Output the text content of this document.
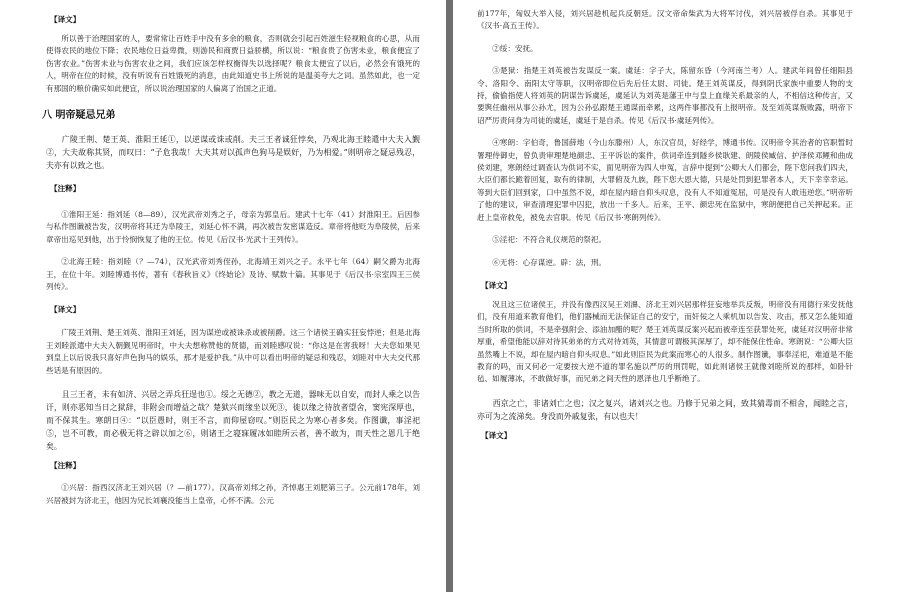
【译文】

所以善于治理国家的人，要常常让百姓手中没有多余的粮食，否则就会引起百姓滋生轻视粮食的心思，从而使得农民的地位下降；农民地位日益卑微，则游民和商贾日益骄横，所以说：“粮食贵了伤害未业，粮食便宜了伤害农业。”伤害未业与伤害农业之间，我们应该怎样权衡得失以选择呢？粮食太便宜了以后，必然会有饿死的人，明帝在位的时候，没有听说有百姓饿死的消息，由此知道史书上所说的是温美夸大之词。虽然如此，也一定有那国的粮价确实如此便宜，所以说治理国家的人偏离了治国之正道。

八 明帝疑忌兄弟

广陵王荆、楚王英、淮阳王延①，以逆谋或诛或削。夫三王者诚狂悖矣，乃观北海王睦遣中大夫入觐②，大夫故称其贤，而叹曰：“子危我哉！大夫其对以孤声色狗马是娱好，乃为相爱。”则明帝之疑忌残忍，夫亦有以致之也。

【注释】

①淮阳王延：指刘延（8—89），汉光武帝刘秀之子，母亲为郭皇后。建武十七年（41）封淮阳王。后因参与私作图谶被告发，汉明帝将其迁为阜陵王，刘延心怀不满，再次被告发密谋造反。章帝将他贬为阜陵侯，后来章帝出巡见到他，出于怜悯恢复了他的王位。传见《后汉书·光武十王列传》。

②北海王睦：指刘睦（？—74），汉光武帝刘秀侄孙，北海靖王刘兴之子。永平七年（64）嗣父爵为北海王，在位十年。刘睦博通书传，著有《春秋旨义》《终始论》及诗、赋数十篇。其事见于《后汉书·宗室四王三侯列传》。

【译文】

广陵王刘荆、楚王刘英、淮阳王刘延，因为谋逆或被诛杀或被削爵。这三个诸侯王确实狂妄悖逆；但是北海王刘睦派遣中大夫入朝觐见明帝时，中大夫想称赞他的贤德，而刘睦感叹说：“你这是在害我呀！大夫您如果见到皇上以后说我只喜好声色狗马的娱乐，那才是爱护我。”从中可以看出明帝的疑忌和残忍，刘睦对中大夫交代那些话是有原因的。

且三王者，未有如济、兴居之弄兵狂逞也①。绥之无德②，教之无道，器味无以自安，而封人乘之以告讦，则亦恶知当日之狱辞，非附会而增益之哉？楚狱兴而缘坐以死③，徙以缘之待放者望舍，窦宪深厚也，而不保其生。寒朗日④：“以臣愚时，则王不言，而仰屋窃叹。”则臣民之为寒心者多矣。作图谶，事淫祀⑤，岂不可教，而必极无将之辟以加之⑥，则诸王之寝寐履冰如睦所云者，善不敢为，而天性之恩几于绝矣。

【注释】

①兴居：指西汉济北王刘兴居（？—前177）。汉高帝刘邦之孙，齐悼惠王刘肥第三子。公元前178年，刘兴居被封为济北王，他因为兄长刘襄没能当上皇帝，心怀不满。公元

前177年，匈奴大举入侵，刘兴居趁机起兵反朝廷。汉文帝命柴武为大将军讨伐，刘兴居被俘自杀。其事见于《汉书·高五王传》。

②绥：安抚。

③楚狱：指楚王刘英被告发谋反一案。虞延：字子大，陈留东昏（今河南兰考）人。建武年间曾任细阳县令、洛阳令、南阳太守等职，汉明帝即位后先后任太尉、司徒。楚王刘英谋反，得到阴氏家族中重要人物的支持，偷偷指使人将刘英的阴谋告诉虞延，虞延认为刘英是藩王中与皇上血缘关系最亲的人，不相信这种传言，又要舆任幽州从事公孙尤，因为公孙弘跟楚王通谋而牵累，这两件事都没有上报明帝。及至刘英谋叛败露，明帝下诏严厉责问身为司徒的虞延，虞延于是自杀。传见《后汉书·虞延列传》。

④寒朗：字伯奇，鲁国薛地（今山东滕州）人，东汉官员，好经学，博通书传。汉明帝令其治者的官职暂时署理侍御史，曾负责审理楚地颜忠、王平诉讼的案件，供词牵连到隧乡侯耿建、朗陵侯臧信、护泽侯邓鲤和曲成侯刘建，寒朗经过调查认为供词不实，面见明帝为四人申冤，言辞中提到“公卿大人们都会，陛下您问我们四夫，大臣们都长跪着回复，取有的律制，大罪俯及九族，陛下您大恩大德，只是处罚到犯罪者本人，天下幸幸幸运。等到大臣们回到家，口中虽然不说，却在屋内暗自仰头叹息，没有人不知道冤屈，可是没有人敢违逆您。”明帝听了他的建议，审查清理犯罪中囚犯，放出一千多人。后来，王平、颜忠死在监狱中，寒朗便把自己关押起来。正赶上皇帝救免，被免去官职。传见《后汉书·寒朗列传》。

⑤淫祀：不符合礼仪规范的祭祀。

⑥无将：心存谋逆。辟：法，刑。

【译文】

况且这三位诸侯王，并没有像西汉吴王刘濞、济北王刘兴居那样狂妄地举兵反叛，明帝没有用德行来安抚他们，没有用道来教育他们，他们器械而无法保证自己的安宁，而奸佞之人乘机加以告发、攻击，那又怎么能知道当时所取的供词，不是牵强附会、添油加醋的呢？楚王刘英谋反案兴起而被牵连至获罪处死，虞延对汉明帝非常厚重，希望他能以辞对待其弟弟的方式对待刘英，其情意可谓极其深厚了，却不能保住性命。寒朗说：“公卿大臣虽然嘴上不说，却在屋内暗自仰头叹息。”如此则臣民为此案而寒心的人很多。制作图谶，事奉淫祀，难道是不能教育的吗，而又何必一定要按大逆不道的罪名施以严厉的刑罚呢，如此则诸侯王就像刘睦所说的那样，如卧针毡、如履薄冰，不敢做好事，而兄弟之间天性的恩泽也几乎断绝了。

西京之亡，非诸刘亡之也；汉之复兴，诸刘兴之也。乃修于兄弟之间，致其猜毒而不相舍，闻睦之言，亦可为之流涕矣。身没而外戚复张，有以也夫！

【译文】
